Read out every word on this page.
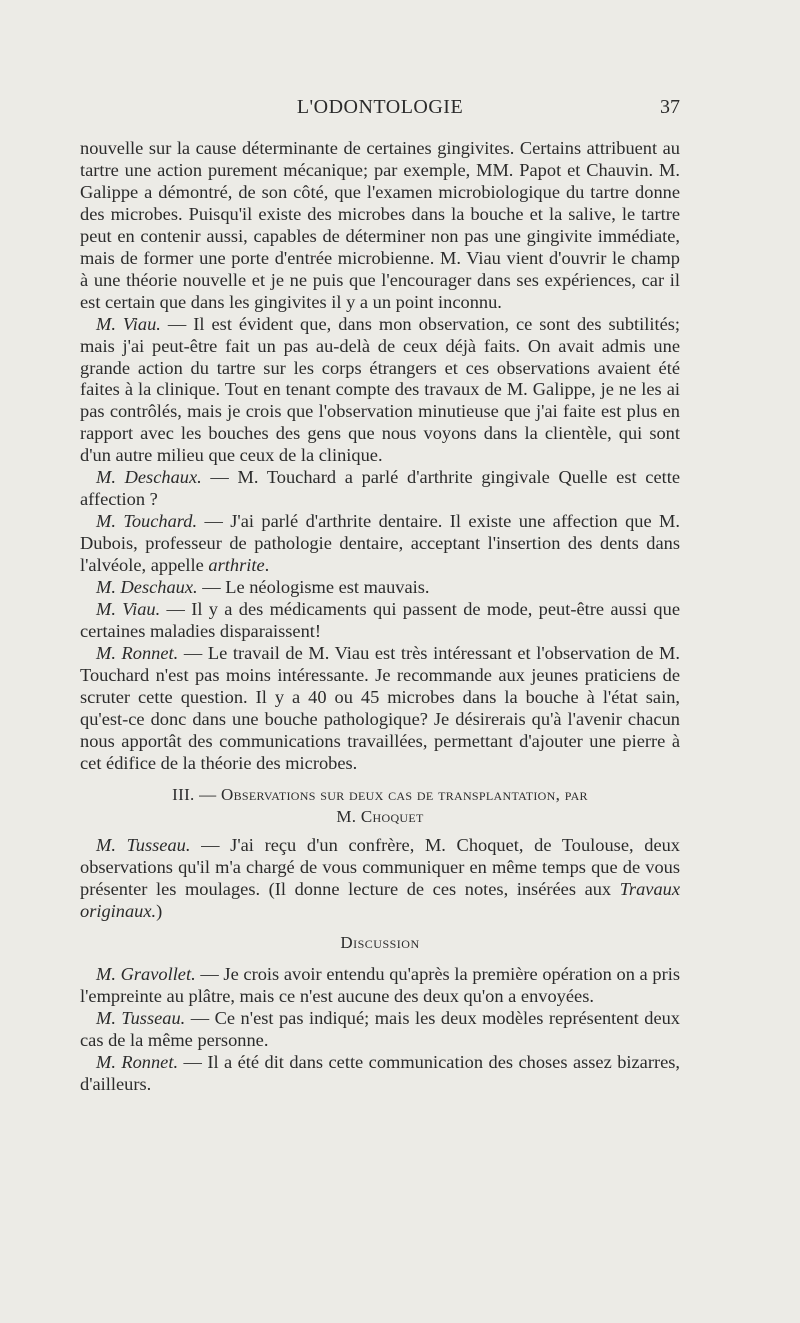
L'ODONTOLOGIE	37

nouvelle sur la cause déterminante de certaines gingivites. Certains attribuent au tartre une action purement mécanique; par exemple, MM. Papot et Chauvin. M. Galippe a démontré, de son côté, que l'examen microbiologique du tartre donne des microbes. Puisqu'il existe des microbes dans la bouche et la salive, le tartre peut en contenir aussi, capables de déterminer non pas une gingivite immédiate, mais de former une porte d'entrée microbienne. M. Viau vient d'ouvrir le champ à une théorie nouvelle et je ne puis que l'encourager dans ses expériences, car il est certain que dans les gingivites il y a un point inconnu.

M. Viau. — Il est évident que, dans mon observation, ce sont des subtilités; mais j'ai peut-être fait un pas au-delà de ceux déjà faits. On avait admis une grande action du tartre sur les corps étrangers et ces observations avaient été faites à la clinique. Tout en tenant compte des travaux de M. Galippe, je ne les ai pas contrôlés, mais je crois que l'observation minutieuse que j'ai faite est plus en rapport avec les bouches des gens que nous voyons dans la clientèle, qui sont d'un autre milieu que ceux de la clinique.

M. Deschaux. — M. Touchard a parlé d'arthrite gingivale Quelle est cette affection ?

M. Touchard. — J'ai parlé d'arthrite dentaire. Il existe une affection que M. Dubois, professeur de pathologie dentaire, acceptant l'insertion des dents dans l'alvéole, appelle arthrite.

M. Deschaux. — Le néologisme est mauvais.

M. Viau. — Il y a des médicaments qui passent de mode, peut-être aussi que certaines maladies disparaissent!

M. Ronnet. — Le travail de M. Viau est très intéressant et l'observation de M. Touchard n'est pas moins intéressante. Je recommande aux jeunes praticiens de scruter cette question. Il y a 40 ou 45 microbes dans la bouche à l'état sain, qu'est-ce donc dans une bouche pathologique? Je désirerais qu'à l'avenir chacun nous apportât des communications travaillées, permettant d'ajouter une pierre à cet édifice de la théorie des microbes.

III. — Observations sur deux cas de transplantation, par
M. Choquet

M. Tusseau. — J'ai reçu d'un confrère, M. Choquet, de Toulouse, deux observations qu'il m'a chargé de vous communiquer en même temps que de vous présenter les moulages. (Il donne lecture de ces notes, insérées aux Travaux originaux.)

Discussion

M. Gravollet. — Je crois avoir entendu qu'après la première opération on a pris l'empreinte au plâtre, mais ce n'est aucune des deux qu'on a envoyées.

M. Tusseau. — Ce n'est pas indiqué; mais les deux modèles représentent deux cas de la même personne.

M. Ronnet. — Il a été dit dans cette communication des choses assez bizarres, d'ailleurs.
